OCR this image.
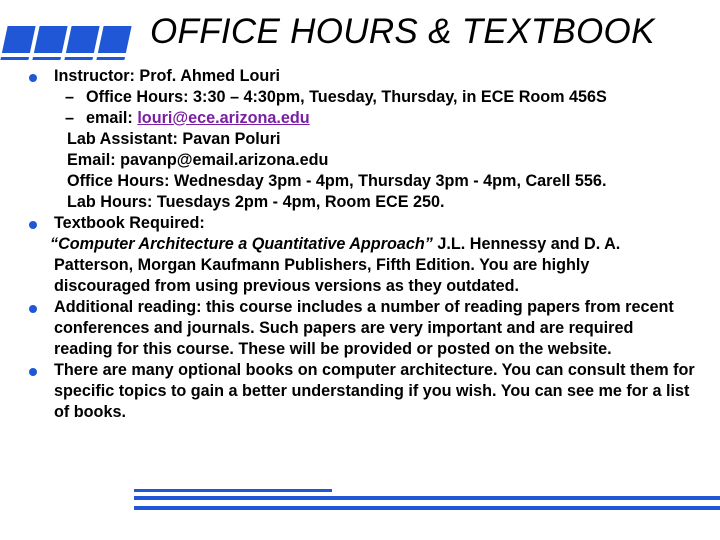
OFFICE HOURS & TEXTBOOK
Instructor: Prof. Ahmed Louri
– Office Hours: 3:30 – 4:30pm, Tuesday, Thursday, in ECE Room 456S
– email: louri@ece.arizona.edu
Lab Assistant: Pavan Poluri
Email: pavanp@email.arizona.edu
Office Hours: Wednesday 3pm - 4pm, Thursday 3pm - 4pm, Carell 556.
Lab Hours: Tuesdays 2pm - 4pm, Room ECE 250.
Textbook Required:
“Computer Architecture a Quantitative Approach” J.L. Hennessy and D. A.
Patterson, Morgan Kaufmann Publishers, Fifth Edition. You are highly
discouraged from using previous versions as they outdated.
Additional reading: this course includes a number of reading papers from recent conferences and journals. Such papers are very important and are required reading for this course. These will be provided or posted on the website.
There are many optional books on computer architecture. You can consult them for specific topics to gain a better understanding if you wish. You can see me for a list of books.
